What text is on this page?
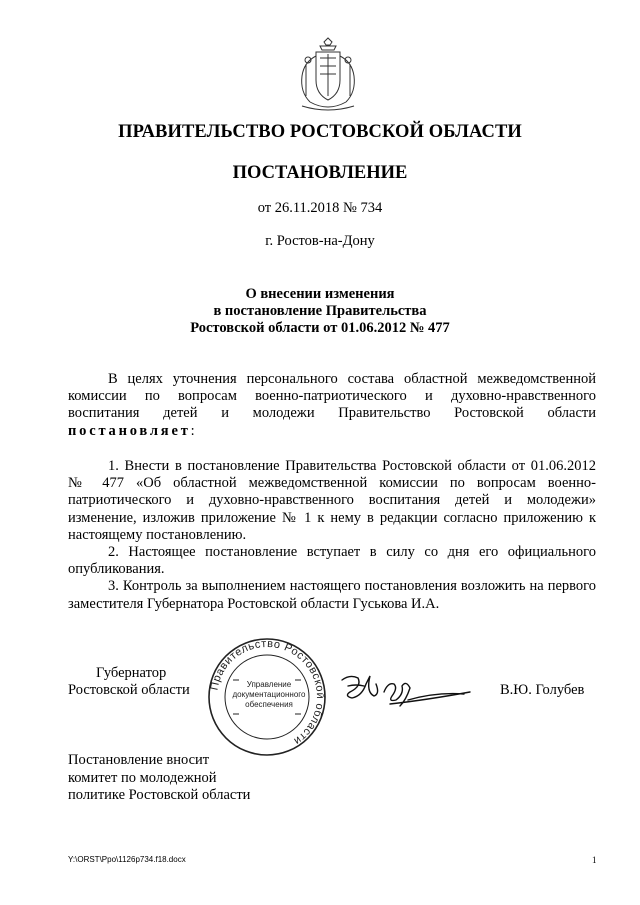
ПРАВИТЕЛЬСТВО РОСТОВСКОЙ ОБЛАСТИ
ПОСТАНОВЛЕНИЕ
от 26.11.2018 № 734
г. Ростов-на-Дону
О внесении изменения
в постановление Правительства
Ростовской области от 01.06.2012 № 477
В целях уточнения персонального состава областной межведомственной комиссии по вопросам военно-патриотического и духовно-нравственного воспитания детей и молодежи Правительство Ростовской области постановляет:

1. Внести в постановление Правительства Ростовской области от 01.06.2012 № 477 «Об областной межведомственной комиссии по вопросам военно-патриотического и духовно-нравственного воспитания детей и молодежи» изменение, изложив приложение № 1 к нему в редакции согласно приложению к настоящему постановлению.

2. Настоящее постановление вступает в силу со дня его официального опубликования.

3. Контроль за выполнением настоящего постановления возложить на первого заместителя Губернатора Ростовской области Гуськова И.А.

Губернатор
Ростовской области	Правительство Ростовской области
Управление
документационного
обеспечения
В.Ю. Голубев
Постановление вносит
комитет по молодежной
политике Ростовской области
Y:\ORST\Ppo\1126p734.f18.docx	1
